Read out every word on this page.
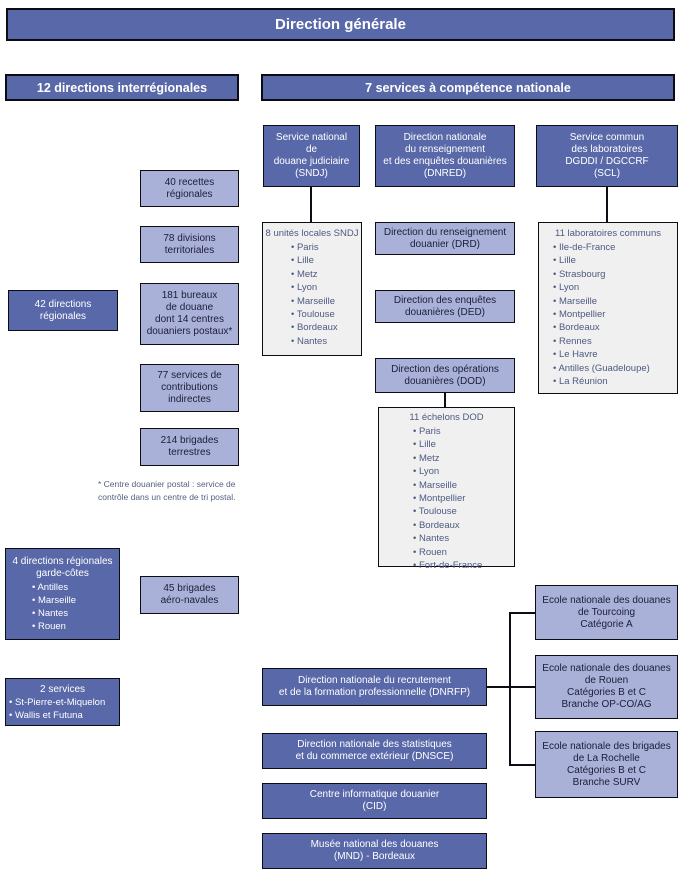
Direction générale
12 directions interrégionales	7 services à compétence nationale
40 recettes
régionales
78 divisions
territoriales
181 bureaux
de douane
dont 14 centres
douaniers postaux*
77 services de
contributions
indirectes
214 brigades
terrestres
42 directions
régionales
* Centre douanier postal : service de
contrôle dans un centre de tri postal.
4 directions régionales
garde-côtes
• Antilles
• Marseille
• Nantes
• Rouen
45 brigades
aéro-navales
2 services
• St-Pierre-et-Miquelon
• Wallis et Futuna
Service national
de
douane judiciaire
(SNDJ)
Direction nationale
du renseignement
et des enquêtes douanières
(DNRED)
Service commun
des laboratoires
DGDDI / DGCCRF
(SCL)
8 unités locales SNDJ
• Paris
• Lille
• Metz
• Lyon
• Marseille
• Toulouse
• Bordeaux
• Nantes
Direction du renseignement
douanier (DRD)
Direction des enquêtes
douanières (DED)
Direction des opérations
douanières (DOD)
11 échelons DOD
• Paris
• Lille
• Metz
• Lyon
• Marseille
• Montpellier
• Toulouse
• Bordeaux
• Nantes
• Rouen
• Fort-de-France
11 laboratoires communs
• Ile-de-France
• Lille
• Strasbourg
• Lyon
• Marseille
• Montpellier
• Bordeaux
• Rennes
• Le Havre
• Antilles (Guadeloupe)
• La Réunion
Direction nationale du recrutement
et de la formation professionnelle (DNRFP)
Direction nationale des statistiques
et du commerce extérieur (DNSCE)
Centre informatique douanier
(CID)
Musée national des douanes
(MND) - Bordeaux
Ecole nationale des douanes
de Tourcoing
Catégorie A
Ecole nationale des douanes
de Rouen
Catégories B et C
Branche OP-CO/AG
Ecole nationale des brigades
de La Rochelle
Catégories B et C
Branche SURV
